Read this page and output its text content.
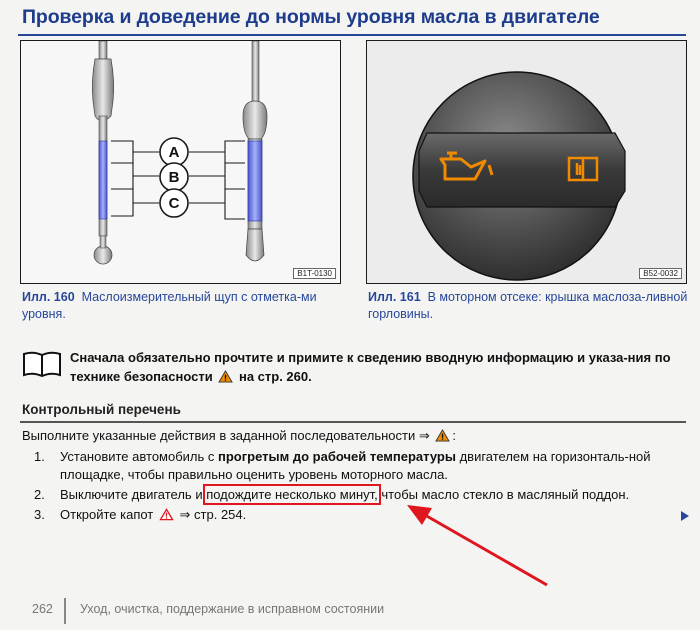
Проверка и доведение до нормы уровня масла в двигателе
A
B
C
B1T-0130	B52-0032
Илл. 160 Маслоизмерительный щуп с отметка-ми уровня.
Илл. 161 В моторном отсеке: крышка маслоза-ливной горловины.
Сначала обязательно прочтите и примите к сведению вводную информацию и указа-ния по технике безопасности на стр. 260.
Контрольный перечень
Выполните указанные действия в заданной последовательности ⇒ :
1. Установите автомобиль с прогретым до рабочей температуры двигателем на горизонталь-ной площадке, чтобы правильно оценить уровень моторного масла.
2. Выключите двигатель и подождите несколько минут, чтобы масло стекло в масляный поддон.
3. Откройте капот ⇒ стр. 254.
262 Уход, очистка, поддержание в исправном состоянии
